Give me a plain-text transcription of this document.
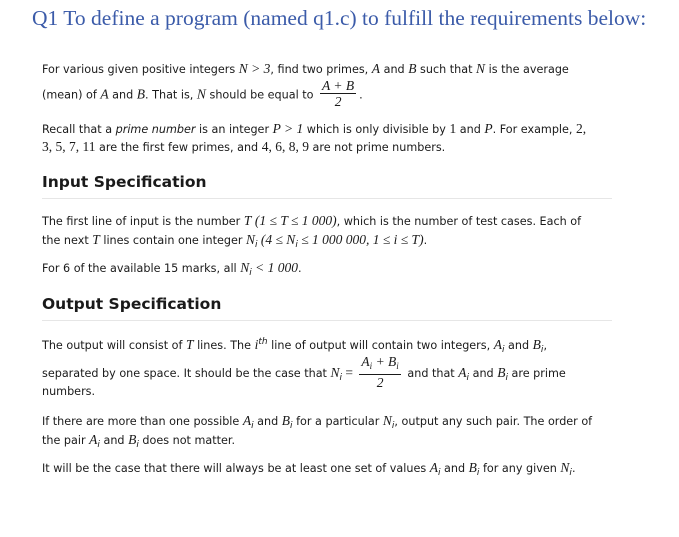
Q1 To define a program (named q1.c) to fulfill the requirements below:
For various given positive integers N > 3, find two primes, A and B such that N is the average
(mean) of A and B. That is, N should be equal to $\frac{A + B}{2}$ .
Recall that a prime number is an integer P > 1 which is only divisible by 1 and P. For example, 2,
3, 5, 7, 11 are the first few primes, and 4, 6, 8, 9 are not prime numbers.
Input Specification
The first line of input is the number T (1 ≤ T ≤ 1 000), which is the number of test cases. Each of
the next T lines contain one integer $N_i$ ($4 \le N_i \le 1$ 000 000, 1 ≤ i ≤ T).
For 6 of the available 15 marks, all $N_i < 1$ 000.
Output Specification
The output will consist of T lines. The $i^{th}$ line of output will contain two integers, $A_i$ and $B_i$,
separated by one space. It should be the case that $N_i = \frac{A_i + B_i}{2}$ and that $A_i$ and $B_i$ are prime
numbers.
If there are more than one possible $A_i$ and $B_i$ for a particular $N_i$, output any such pair. The order of
the pair $A_i$ and $B_i$ does not matter.
It will be the case that there will always be at least one set of values $A_i$ and $B_i$ for any given $N_i$.
